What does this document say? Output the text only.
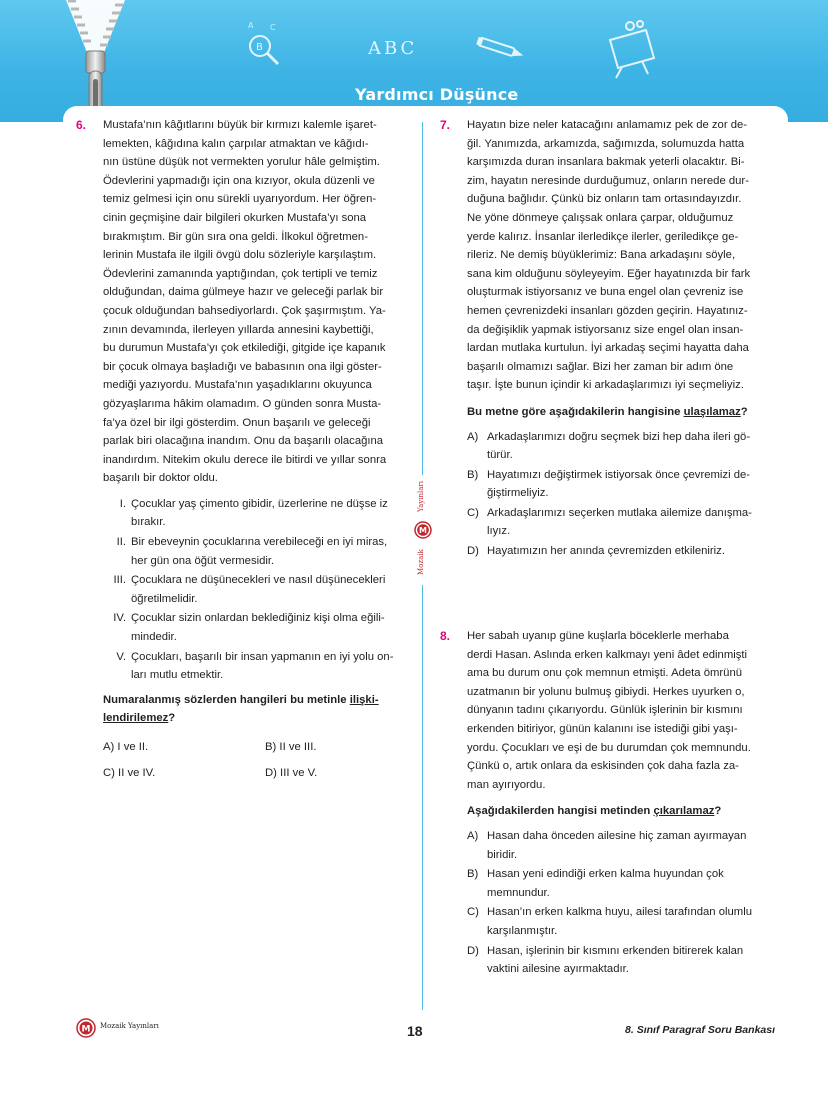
B
A C
ABC
Yardımcı Düşünce
Yayınları
M
Mozaik
6. Mustafa’nın kâğıtlarını büyük bir kırmızı kalemle işaret-

lemekten, kâğıdına kalın çarpılar atmaktan ve kâğıdı-

nın üstüne düşük not vermekten yorulur hâle gelmiştim.

Ödevlerini yapmadığı için ona kızıyor, okula düzenli ve

temiz gelmesi için onu sürekli uyarıyordum. Her öğren-

cinin geçmişine dair bilgileri okurken Mustafa’yı sona

bırakmıştım. Bir gün sıra ona geldi. İlkokul öğretmen-

lerinin Mustafa ile ilgili övgü dolu sözleriyle karşılaştım.

Ödevlerini zamanında yaptığından, çok tertipli ve temiz

olduğundan, daima gülmeye hazır ve geleceği parlak bir

çocuk olduğundan bahsediyorlardı. Çok şaşırmıştım. Ya-

zının devamında, ilerleyen yıllarda annesini kaybettiği,

bu durumun Mustafa’yı çok etkilediği, gitgide içe kapanık

bir çocuk olmaya başladığı ve babasının ona ilgi göster-

mediği yazıyordu. Mustafa’nın yaşadıklarını okuyunca

gözyaşlarıma hâkim olamadım. O günden sonra Musta-

fa’ya özel bir ilgi gösterdim. Onun başarılı ve geleceği

parlak biri olacağına inandım. Onu da başarılı olacağına

inandırdım. Nitekim okulu derece ile bitirdi ve yıllar sonra

başarılı bir doktor oldu.

I. Çocuklar yaş çimento gibidir, üzerlerine ne düşse iz

bırakır.

II. Bir ebeveynin çocuklarına verebileceği en iyi miras,

her gün ona öğüt vermesidir.

III. Çocuklara ne düşünecekleri ve nasıl düşünecekleri

öğretilmelidir.

IV. Çocuklar sizin onlardan beklediğiniz kişi olma eğili-

mindedir.

V. Çocukları, başarılı bir insan yapmanın en iyi yolu on-

ları mutlu etmektir.

Numaralanmış sözlerden hangileri bu metinle ilişki-
lendirilemez?
A) I ve II.	B) II ve III.
C) II ve IV.	D) III ve V.
7. Hayatın bize neler katacağını anlamamız pek de zor de-

ğil. Yanımızda, arkamızda, sağımızda, solumuzda hatta

karşımızda duran insanlara bakmak yeterli olacaktır. Bi-

zim, hayatın neresinde durduğumuz, onların nerede dur-

duğuna bağlıdır. Çünkü biz onların tam ortasındayızdır.

Ne yöne dönmeye çalışsak onlara çarpar, olduğumuz

yerde kalırız. İnsanlar ilerledikçe ilerler, geriledikçe ge-

rileriz. Ne demiş büyüklerimiz: Bana arkadaşını söyle,

sana kim olduğunu söyleyeyim. Eğer hayatınızda bir fark

oluşturmak istiyorsanız ve buna engel olan çevreniz ise

hemen çevrenizdeki insanları gözden geçirin. Hayatınız-

da değişiklik yapmak istiyorsanız size engel olan insan-

lardan mutlaka kurtulun. İyi arkadaş seçimi hayatta daha

başarılı olmamızı sağlar. Bizi her zaman bir adım öne

taşır. İşte bunun içindir ki arkadaşlarımızı iyi seçmeliyiz.

Bu metne göre aşağıdakilerin hangisine ulaşılamaz?
A) Arkadaşlarımızı doğru seçmek bizi hep daha ileri gö-

türür.

B) Hayatımızı değiştirmek istiyorsak önce çevremizi de-

ğiştirmeliyiz.

C) Arkadaşlarımızı seçerken mutlaka ailemize danışma-

lıyız.

D) Hayatımızın her anında çevremizden etkileniriz.

8. Her sabah uyanıp güne kuşlarla böceklerle merhaba

derdi Hasan. Aslında erken kalkmayı yeni âdet edinmişti

ama bu durum onu çok memnun etmişti. Adeta ömrünü

uzatmanın bir yolunu bulmuş gibiydi. Herkes uyurken o,

dünyanın tadını çıkarıyordu. Günlük işlerinin bir kısmını

erkenden bitiriyor, günün kalanını ise istediği gibi yaşı-

yordu. Çocukları ve eşi de bu durumdan çok memnundu.

Çünkü o, artık onlara da eskisinden çok daha fazla za-

man ayırıyordu.

Aşağıdakilerden hangisi metinden çıkarılamaz?
A) Hasan daha önceden ailesine hiç zaman ayırmayan

biridir.

B) Hasan yeni edindiği erken kalma huyundan çok

memnundur.

C) Hasan’ın erken kalkma huyu, ailesi tarafından olumlu

karşılanmıştır.

D) Hasan, işlerinin bir kısmını erkenden bitirerek kalan

vaktini ailesine ayırmaktadır.

M Mozaik Yayınları	18	8. Sınıf Paragraf Soru Bankası
